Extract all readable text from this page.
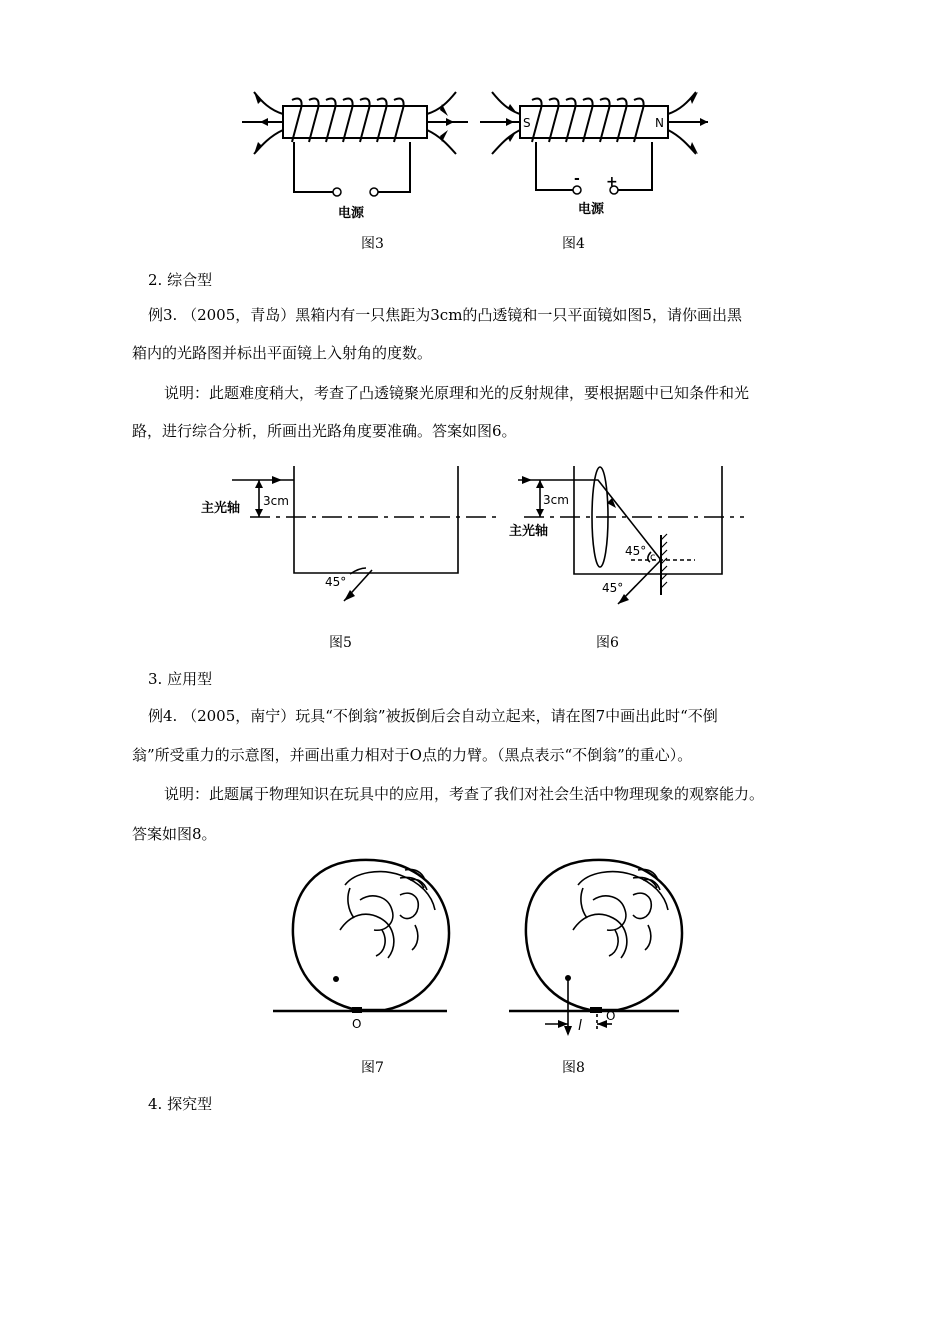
电源
S	N
- +
电源
图3	图4
2. 综合型
例3. （2005，青岛）黑箱内有一只焦距为3cm的凸透镜和一只平面镜如图5，请你画出黑
箱内的光路图并标出平面镜上入射角的度数。
说明：此题难度稍大，考查了凸透镜聚光原理和光的反射规律，要根据题中已知条件和光
路，进行综合分析，所画出光路角度要准确。答案如图6。
3cm
主光轴
45°
3cm
主光轴
45° c
45°
图5	图6
3. 应用型
例4. （2005，南宁）玩具“不倒翁”被扳倒后会自动立起来，请在图7中画出此时“不倒
翁”所受重力的示意图，并画出重力相对于O点的力臂。（黑点表示“不倒翁”的重心）。
说明：此题属于物理知识在玩具中的应用，考查了我们对社会生活中物理现象的观察能力。
答案如图8。
O	l
O
图7	图8
4. 探究型
